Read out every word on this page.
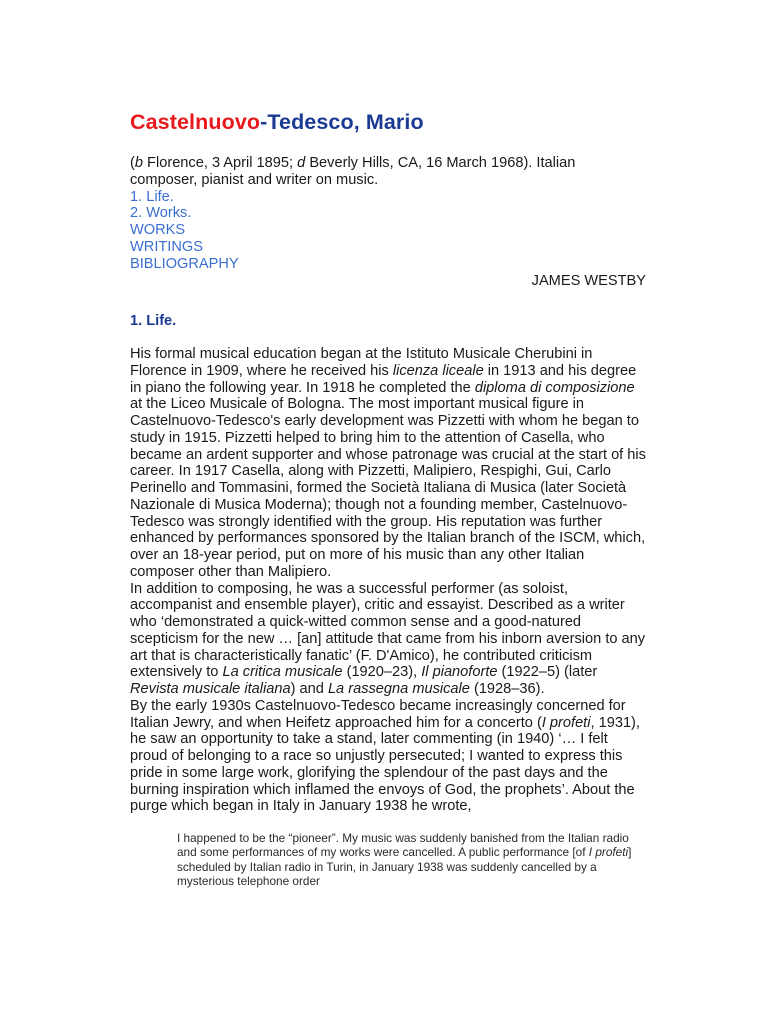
Castelnuovo-Tedesco, Mario

(b Florence, 3 April 1895; d Beverly Hills, CA, 16 March 1968). Italian composer, pianist and writer on music.

1. Life.
2. Works.
WORKS
WRITINGS
BIBLIOGRAPHY
JAMES WESTBY
1. Life.

His formal musical education began at the Istituto Musicale Cherubini in Florence in 1909, where he received his licenza liceale in 1913 and his degree in piano the following year. In 1918 he completed the diploma di composizione at the Liceo Musicale of Bologna. The most important musical figure in Castelnuovo-Tedesco's early development was Pizzetti with whom he began to study in 1915. Pizzetti helped to bring him to the attention of Casella, who became an ardent supporter and whose patronage was crucial at the start of his career. In 1917 Casella, along with Pizzetti, Malipiero, Respighi, Gui, Carlo Perinello and Tommasini, formed the Società Italiana di Musica (later Società Nazionale di Musica Moderna); though not a founding member, Castelnuovo-Tedesco was strongly identified with the group. His reputation was further enhanced by performances sponsored by the Italian branch of the ISCM, which, over an 18-year period, put on more of his music than any other Italian composer other than Malipiero.

In addition to composing, he was a successful performer (as soloist, accompanist and ensemble player), critic and essayist. Described as a writer who ‘demonstrated a quick-witted common sense and a good-natured scepticism for the new … [an] attitude that came from his inborn aversion to any art that is characteristically fanatic’ (F. D'Amico), he contributed criticism extensively to La critica musicale (1920–23), Il pianoforte (1922–5) (later Revista musicale italiana) and La rassegna musicale (1928–36).

By the early 1930s Castelnuovo-Tedesco became increasingly concerned for Italian Jewry, and when Heifetz approached him for a concerto (I profeti, 1931), he saw an opportunity to take a stand, later commenting (in 1940) ‘… I felt proud of belonging to a race so unjustly persecuted; I wanted to express this pride in some large work, glorifying the splendour of the past days and the burning inspiration which inflamed the envoys of God, the prophets’. About the purge which began in Italy in January 1938 he wrote,

I happened to be the “pioneer”. My music was suddenly banished from the Italian radio and some performances of my works were cancelled. A public performance [of I profeti] scheduled by Italian radio in Turin, in January 1938 was suddenly cancelled by a mysterious telephone order
